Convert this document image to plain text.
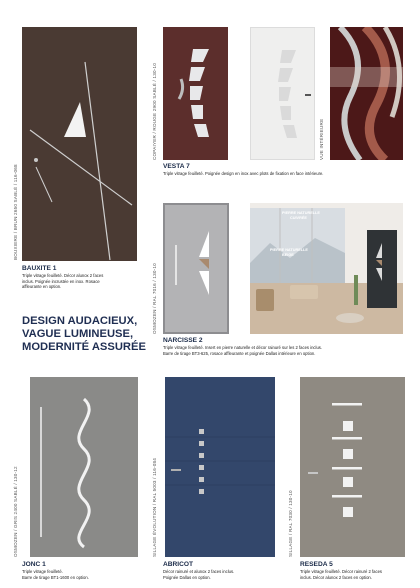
BOUXIERE / BRUN 2650 SABLÉ / 116-068
BAUXITE 1
Triple vitrage feuilleté. Décor alunox 2 faces
inclus. Poignée incrustée en inox. Rosace
affleurante en option.
COPAIYER / ROUGE 2900 SABLÉ / 130-10	VUE INTÉRIEURE
VESTA 7
Triple vitrage feuilleté. Poignée design en inox avec plots de fixation en face intérieure.
DESIGN AUDACIEUX,
VAGUE LUMINEUSE,
MODERNITÉ ASSURÉE
OSMOZEN / RAL 7016 / 130-10
PIERRE NATURELLE
CUIVRÉE
PIERRE NATURELLE
BEIGE
NARCISSE 2
Triple vitrage feuilleté. Insert en pierre naturelle et décor rainuré sur les 2 faces inclus.
Barre de tirage BT3-625, rosace affleurante et poignée Dallas intérieure en option.
OSMOZEN / GRIS 2400 SABLÉ / 130-12
JONC 1
Triple vitrage feuilleté.
Barre de tirage BT1-1600 en option.
SILLAGE ÉVOLUTION / RAL 5003 / 116-084
ABRICOT
Décor rainuré et alunox 2 faces inclus.
Poignée Dallas en option.
SILLAGE / RAL 7030 / 130-10
RESEDA 5
Triple vitrage feuilleté. Décor rainuré 2 faces
inclus. Décor alunox 2 faces en option.
